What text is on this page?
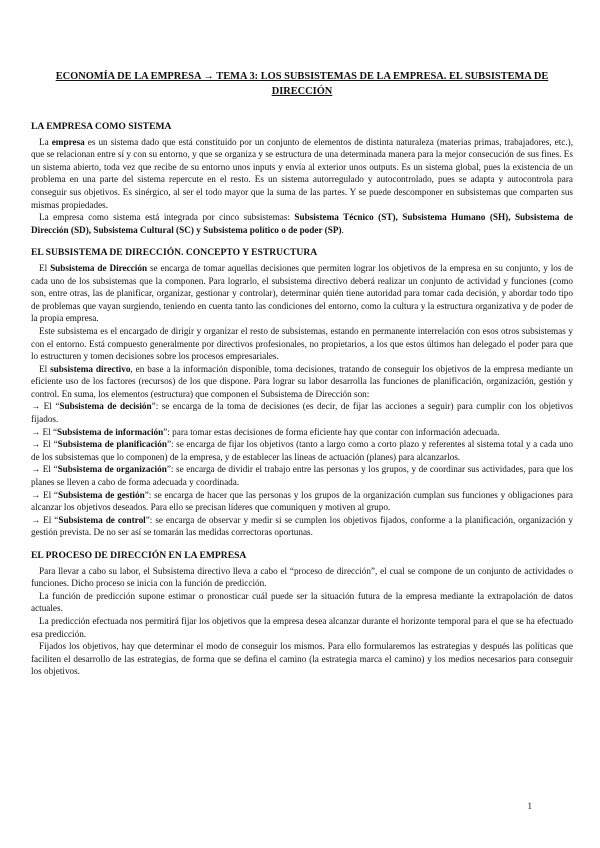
ECONOMÍA DE LA EMPRESA → TEMA 3: LOS SUBSISTEMAS DE LA EMPRESA. EL SUBSISTEMA DE DIRECCIÓN
LA EMPRESA COMO SISTEMA

La empresa es un sistema dado que está constituido por un conjunto de elementos de distinta naturaleza (materias primas, trabajadores, etc.), que se relacionan entre sí y con su entorno, y que se organiza y se estructura de una determinada manera para la mejor consecución de sus fines. Es un sistema abierto, toda vez que recibe de su entorno unos inputs y envía al exterior unos outputs. Es un sistema global, pues la existencia de un problema en una parte del sistema repercute en el resto. Es un sistema autorregulado y autocontrolado, pues se adapta y autocontrola para conseguir sus objetivos. Es sinérgico, al ser el todo mayor que la suma de las partes. Y se puede descomponer en subsistemas que comparten sus mismas propiedades.

La empresa como sistema está integrada por cinco subsistemas: Subsistema Técnico (ST), Subsistema Humano (SH), Subsistema de Dirección (SD), Subsistema Cultural (SC) y Subsistema político o de poder (SP).

EL SUBSISTEMA DE DIRECCIÓN. CONCEPTO Y ESTRUCTURA

El Subsistema de Dirección se encarga de tomar aquellas decisiones que permiten lograr los objetivos de la empresa en su conjunto, y los de cada uno de los subsistemas que la componen. Para lograrlo, el subsistema directivo deberá realizar un conjunto de actividad y funciones (como son, entre otras, las de planificar, organizar, gestionar y controlar), determinar quién tiene autoridad para tomar cada decisión, y abordar todo tipo de problemas que vayan surgiendo, teniendo en cuenta tanto las condiciones del entorno, como la cultura y la estructura organizativa y de poder de la propia empresa.

Este subsistema es el encargado de dirigir y organizar el resto de subsistemas, estando en permanente interrelación con esos otros subsistemas y con el entorno. Está compuesto generalmente por directivos profesionales, no propietarios, a los que estos últimos han delegado el poder para que lo estructuren y tomen decisiones sobre los procesos empresariales.

El subsistema directivo, en base a la información disponible, toma decisiones, tratando de conseguir los objetivos de la empresa mediante un eficiente uso de los factores (recursos) de los que dispone. Para lograr su labor desarrolla las funciones de planificación, organización, gestión y control. En suma, los elementos (estructura) que componen el Subsistema de Dirección son:

→ El “Subsistema de decisión”: se encarga de la toma de decisiones (es decir, de fijar las acciones a seguir) para cumplir con los objetivos fijados.

→ El “Subsistema de información”: para tomar estas decisiones de forma eficiente hay que contar con información adecuada.

→ El “Subsistema de planificación”: se encarga de fijar los objetivos (tanto a largo como a corto plazo y referentes al sistema total y a cada uno de los subsistemas que lo componen) de la empresa, y de establecer las líneas de actuación (planes) para alcanzarlos.

→ El “Subsistema de organización”: se encarga de dividir el trabajo entre las personas y los grupos, y de coordinar sus actividades, para que los planes se lleven a cabo de forma adecuada y coordinada.

→ El “Subsistema de gestión”: se encarga de hacer que las personas y los grupos de la organización cumplan sus funciones y obligaciones para alcanzar los objetivos deseados. Para ello se precisan líderes que comuniquen y motiven al grupo.

→ El “Subsistema de control”: se encarga de observar y medir si se cumplen los objetivos fijados, conforme a la planificación, organización y gestión prevista. De no ser así se tomarán las medidas correctoras oportunas.

EL PROCESO DE DIRECCIÓN EN LA EMPRESA

Para llevar a cabo su labor, el Subsistema directivo lleva a cabo el “proceso de dirección”, el cual se compone de un conjunto de actividades o funciones. Dicho proceso se inicia con la función de predicción.

La función de predicción supone estimar o pronosticar cuál puede ser la situación futura de la empresa mediante la extrapolación de datos actuales.

La predicción efectuada nos permitirá fijar los objetivos que la empresa desea alcanzar durante el horizonte temporal para el que se ha efectuado esa predicción.

Fijados los objetivos, hay que determinar el modo de conseguir los mismos. Para ello formularemos las estrategias y después las políticas que faciliten el desarrollo de las estrategias, de forma que se defina el camino (la estrategia marca el camino) y los medios necesarios para conseguir los objetivos.

1
